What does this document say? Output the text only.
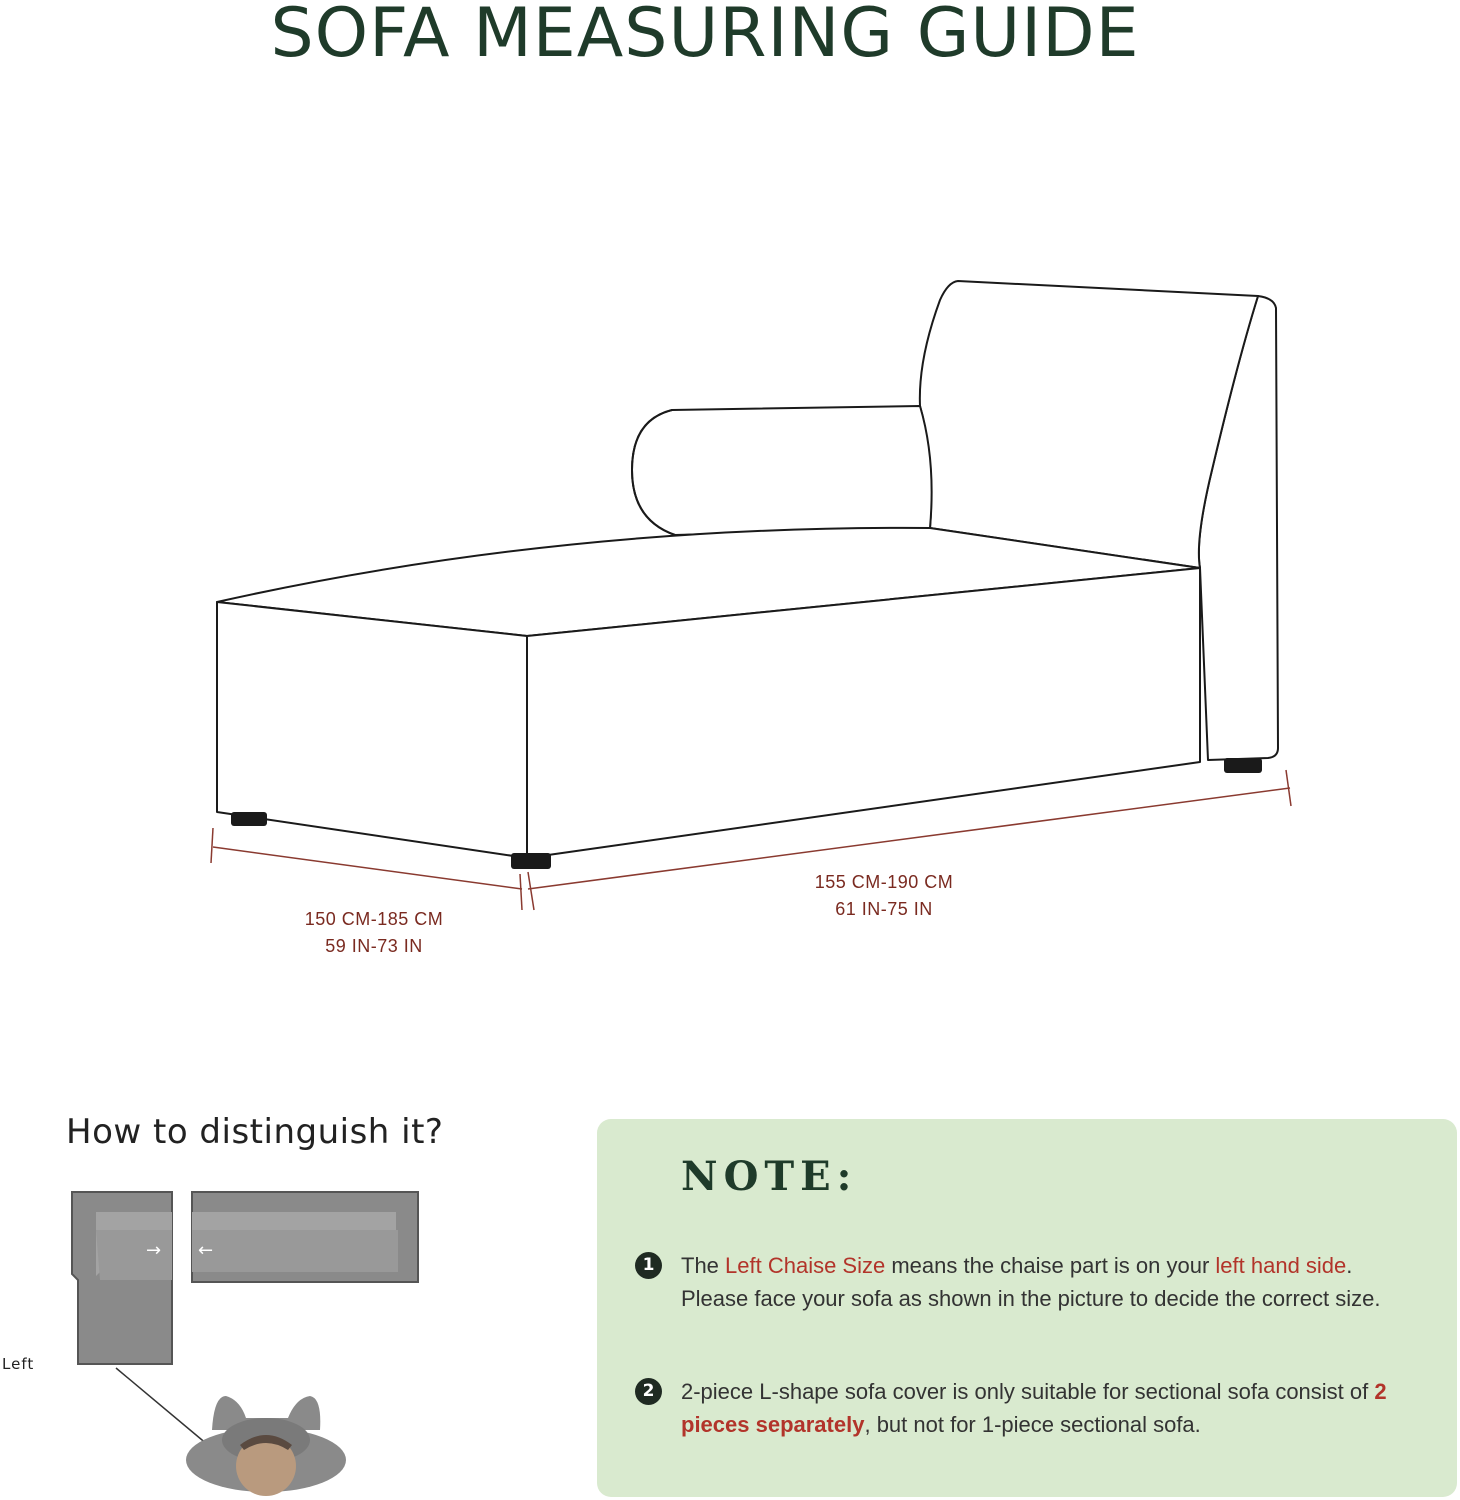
SOFA MEASURING GUIDE
→ ←
150 CM-185 CM
59 IN-73 IN
155 CM-190 CM
61 IN-75 IN
How to distinguish it?
Left
NOTE:
1	The Left Chaise Size means the chaise part is on your left hand side.
Please face your sofa as shown in the picture to decide the correct size.
2	2-piece L-shape sofa cover is only suitable for sectional sofa consist of 2 pieces separately, but not for 1-piece sectional sofa.
